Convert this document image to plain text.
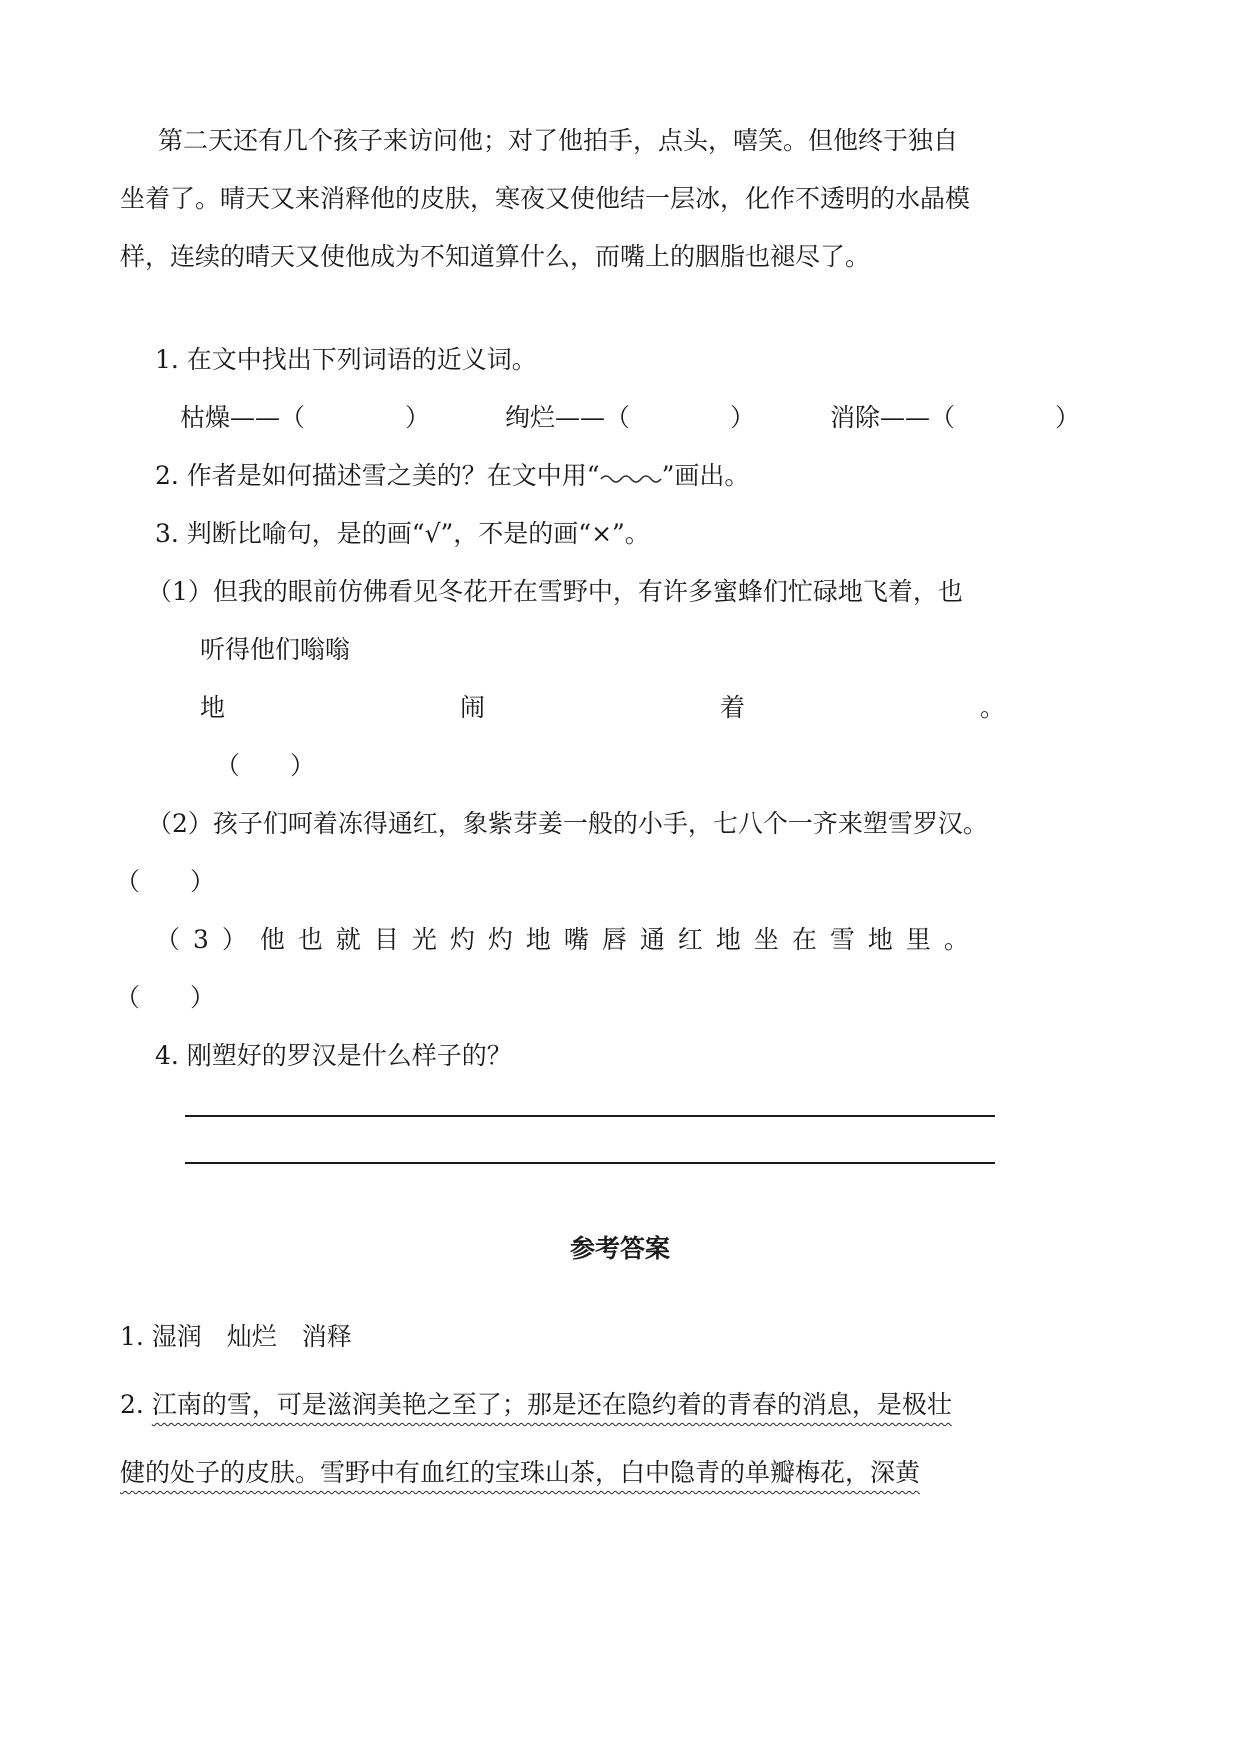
第二天还有几个孩子来访问他；对了他拍手，点头，嘻笑。但他终于独自

坐着了。晴天又来消释他的皮肤，寒夜又使他结一层冰，化作不透明的水晶模

样，连续的晴天又使他成为不知道算什么，而嘴上的胭脂也褪尽了。

1. 在文中找出下列词语的近义词。

枯燥——（　　　　）	绚烂——（　　　　）	消除——（　　　　）

2. 作者是如何描述雪之美的？在文中用“ ”画出。

3. 判断比喻句，是的画“√”，不是的画“×”。

（1）但我的眼前仿佛看见冬花开在雪野中，有许多蜜蜂们忙碌地飞着，也

听得他们嗡嗡

地闹着。

（　　）

（2）孩子们呵着冻得通红，象紫芽姜一般的小手，七八个一齐来塑雪罗汉。

（　　）

（3）他也就目光灼灼地嘴唇通红地坐在雪地里。

（　　）

4. 刚塑好的罗汉是什么样子的？

参考答案

1. 湿润　灿烂　消释

2. 江南的雪，可是滋润美艳之至了；那是还在隐约着的青春的消息，是极壮

健的处子的皮肤。雪野中有血红的宝珠山茶，白中隐青的单瓣梅花，深黄
